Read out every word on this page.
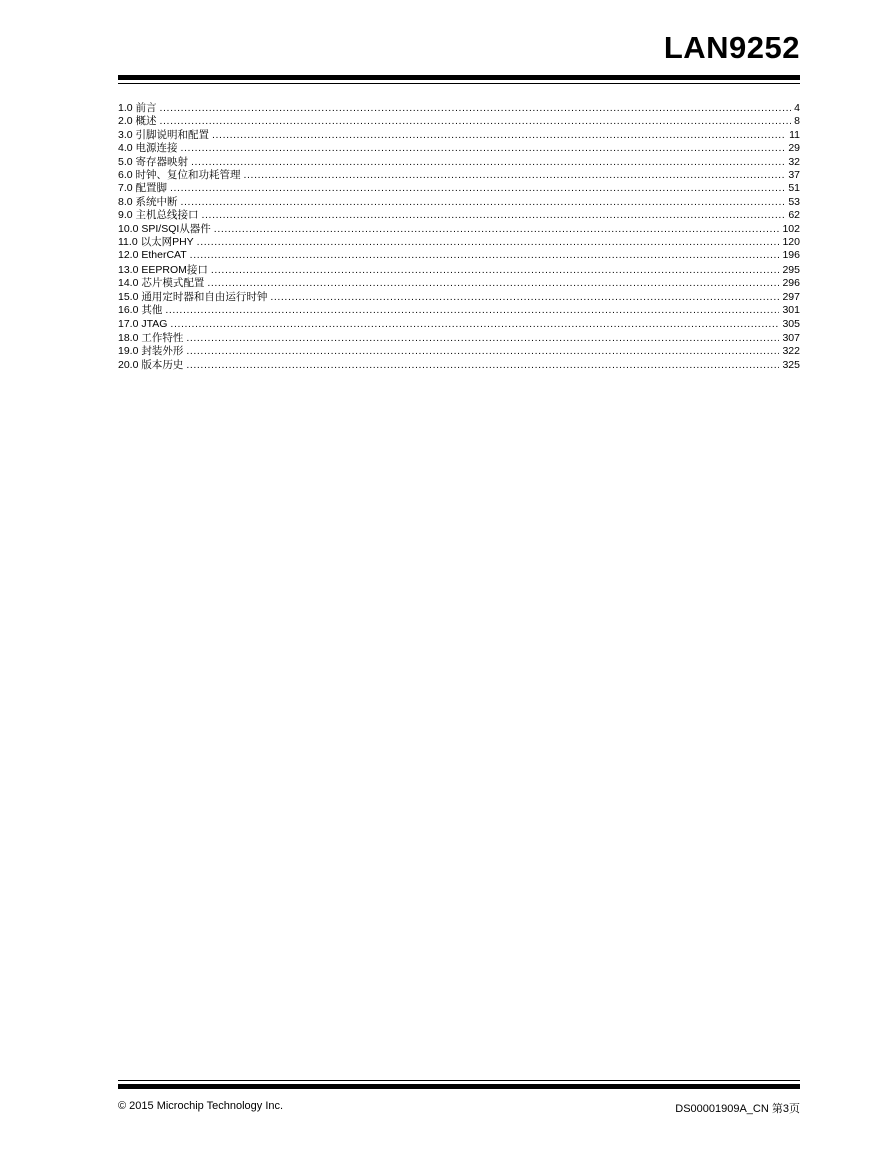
LAN9252
1.0 前言 .....	4
2.0 概述 .....	8
3.0 引脚说明和配置 .....	11
4.0 电源连接 .....	29
5.0 寄存器映射 .....	32
6.0 时钟、复位和功耗管理 .....	37
7.0 配置脚 .....	51
8.0 系统中断 .....	53
9.0 主机总线接口 .....	62
10.0 SPI/SQI从器件 .....	102
11.0 以太网PHY .....	120
12.0 EtherCAT .....	196
13.0 EEPROM接口 .....	295
14.0 芯片模式配置 .....	296
15.0 通用定时器和自由运行时钟 .....	297
16.0 其他 .....	301
17.0 JTAG .....	305
18.0 工作特性 .....	307
19.0 封装外形 .....	322
20.0 版本历史 .....	325
© 2015 Microchip Technology Inc.	DS00001909A_CN 第3页
